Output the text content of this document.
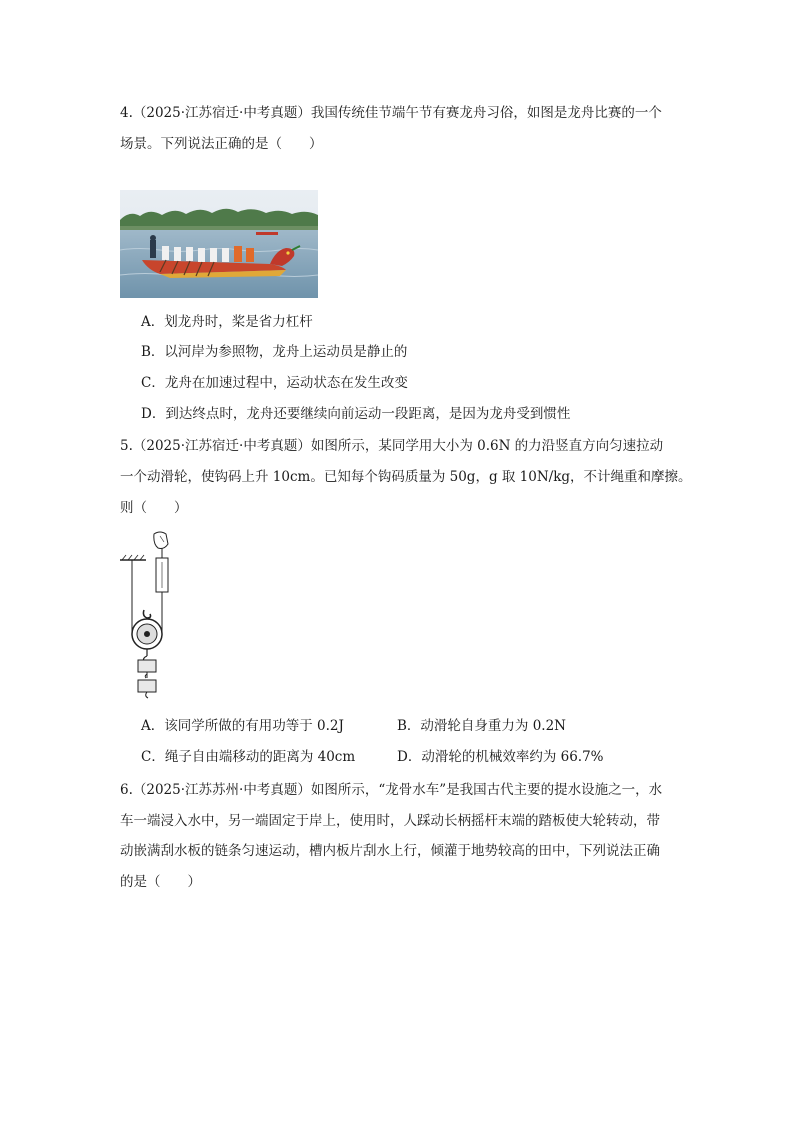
4.（2025·江苏宿迁·中考真题）我国传统佳节端午节有赛龙舟习俗，如图是龙舟比赛的一个
场景。下列说法正确的是（　　）
A．划龙舟时，桨是省力杠杆
B．以河岸为参照物，龙舟上运动员是静止的
C．龙舟在加速过程中，运动状态在发生改变
D．到达终点时，龙舟还要继续向前运动一段距离，是因为龙舟受到惯性
5.（2025·江苏宿迁·中考真题）如图所示，某同学用大小为 0.6N 的力沿竖直方向匀速拉动
一个动滑轮，使钩码上升 10cm。已知每个钩码质量为 50g，g 取 10N/kg，不计绳重和摩擦。
则（　　）
A．该同学所做的有用功等于 0.2J	B．动滑轮自身重力为 0.2N
C．绳子自由端移动的距离为 40cm	D．动滑轮的机械效率约为 66.7%
6.（2025·江苏苏州·中考真题）如图所示，“龙骨水车”是我国古代主要的提水设施之一，水
车一端浸入水中，另一端固定于岸上，使用时，人踩动长柄摇杆末端的踏板使大轮转动，带
动嵌满刮水板的链条匀速运动，槽内板片刮水上行，倾灌于地势较高的田中，下列说法正确
的是（　　）
